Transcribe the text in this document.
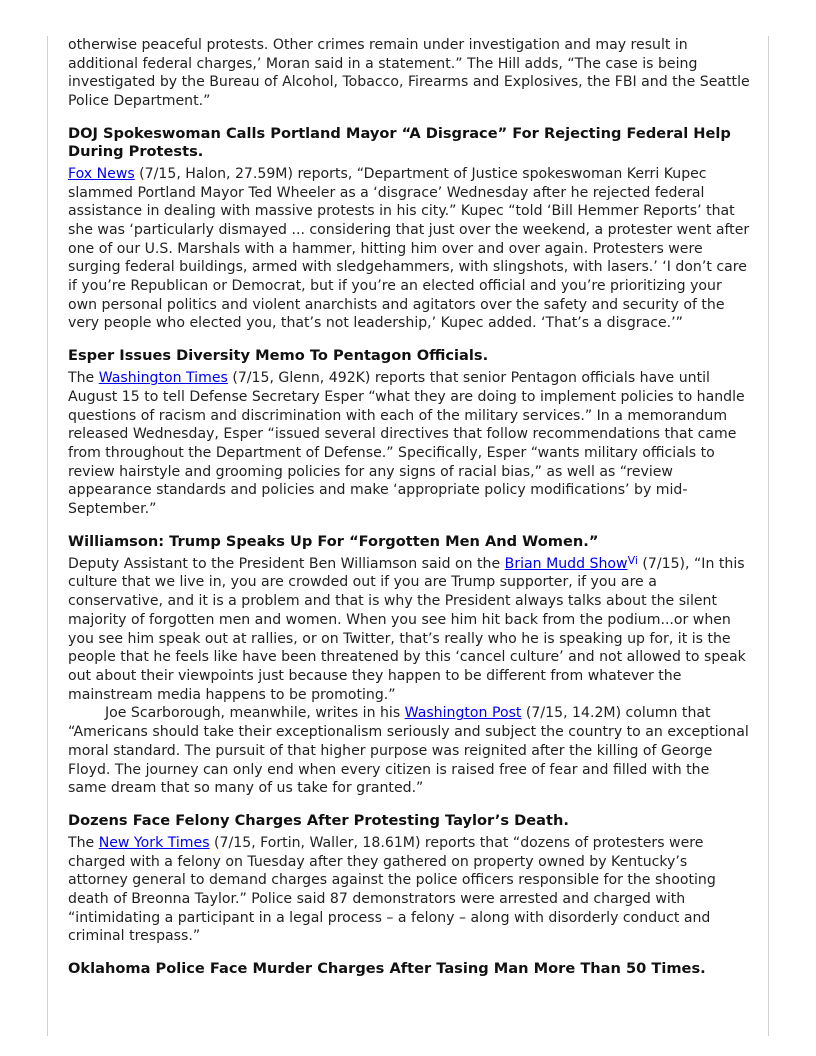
otherwise peaceful protests. Other crimes remain under investigation and may result in additional federal charges,’ Moran said in a statement.” The Hill adds, “The case is being investigated by the Bureau of Alcohol, Tobacco, Firearms and Explosives, the FBI and the Seattle Police Department.”

DOJ Spokeswoman Calls Portland Mayor “A Disgrace” For Rejecting Federal Help During Protests.

Fox News (7/15, Halon, 27.59M) reports, “Department of Justice spokeswoman Kerri Kupec slammed Portland Mayor Ted Wheeler as a ‘disgrace’ Wednesday after he rejected federal assistance in dealing with massive protests in his city.” Kupec “told ‘Bill Hemmer Reports’ that she was ‘particularly dismayed ... considering that just over the weekend, a protester went after one of our U.S. Marshals with a hammer, hitting him over and over again. Protesters were surging federal buildings, armed with sledgehammers, with slingshots, with lasers.’ ‘I don’t care if you’re Republican or Democrat, but if you’re an elected official and you’re prioritizing your own personal politics and violent anarchists and agitators over the safety and security of the very people who elected you, that’s not leadership,’ Kupec added. ‘That’s a disgrace.’”

Esper Issues Diversity Memo To Pentagon Officials.

The Washington Times (7/15, Glenn, 492K) reports that senior Pentagon officials have until August 15 to tell Defense Secretary Esper “what they are doing to implement policies to handle questions of racism and discrimination with each of the military services.” In a memorandum released Wednesday, Esper “issued several directives that follow recommendations that came from throughout the Department of Defense.” Specifically, Esper “wants military officials to review hairstyle and grooming policies for any signs of racial bias,” as well as “review appearance standards and policies and make ‘appropriate policy modifications’ by mid-September.”

Williamson: Trump Speaks Up For “Forgotten Men And Women.”

Deputy Assistant to the President Ben Williamson said on the Brian Mudd Show$^{Vi}$ (7/15), “In this culture that we live in, you are crowded out if you are Trump supporter, if you are a conservative, and it is a problem and that is why the President always talks about the silent majority of forgotten men and women. When you see him hit back from the podium...or when you see him speak out at rallies, or on Twitter, that’s really who he is speaking up for, it is the people that he feels like have been threatened by this ‘cancel culture’ and not allowed to speak out about their viewpoints just because they happen to be different from whatever the mainstream media happens to be promoting.”

Joe Scarborough, meanwhile, writes in his Washington Post (7/15, 14.2M) column that “Americans should take their exceptionalism seriously and subject the country to an exceptional moral standard. The pursuit of that higher purpose was reignited after the killing of George Floyd. The journey can only end when every citizen is raised free of fear and filled with the same dream that so many of us take for granted.”

Dozens Face Felony Charges After Protesting Taylor’s Death.

The New York Times (7/15, Fortin, Waller, 18.61M) reports that “dozens of protesters were charged with a felony on Tuesday after they gathered on property owned by Kentucky’s attorney general to demand charges against the police officers responsible for the shooting death of Breonna Taylor.” Police said 87 demonstrators were arrested and charged with “intimidating a participant in a legal process – a felony – along with disorderly conduct and criminal trespass.”

Oklahoma Police Face Murder Charges After Tasing Man More Than 50 Times.
